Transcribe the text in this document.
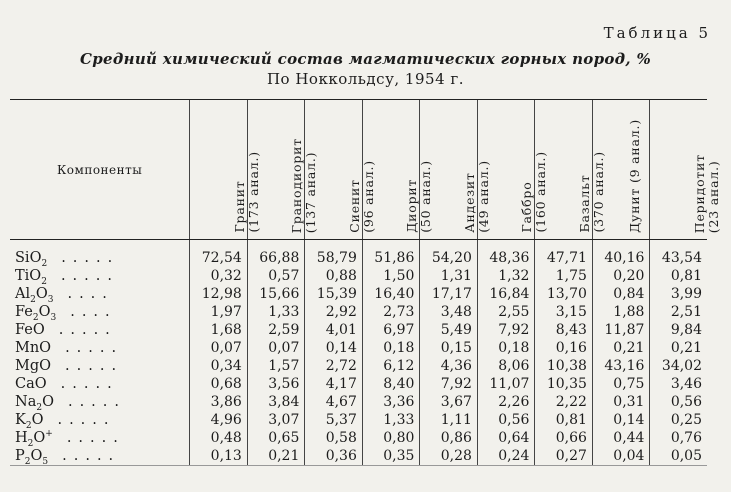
Таблица 5
Средний химический состав магматических горных пород, %
По Ноккольдсу, 1954 г.
Компоненты	Гранит (173 анал.)	Гранодиорит (137 анал.)	Сиенит (96 анал.)	Диорит (50 анал.)	Андезит (49 анал.)	Габбро (160 анал.)	Базальт (370 анал.)	Дунит (9 анал.)	Перидотит (23 анал.)

SiO$_2$ .....	72,54	66,88	58,79	51,86	54,20	48,36	47,71	40,16	43,54
TiO$_2$ .....	0,32	0,57	0,88	1,50	1,31	1,32	1,75	0,20	0,81
$Al_2O_3$ ....	12,98	15,66	15,39	16,40	17,17	16,84	13,70	0,84	3,99
$Fe_2O_3$ ....	1,97	1,33	2,92	2,73	3,48	2,55	3,15	1,88	2,51
FeO .....	1,68	2,59	4,01	6,97	5,49	7,92	8,43	11,87	9,84
MnO .....	0,07	0,07	0,14	0,18	0,15	0,18	0,16	0,21	0,21
MgO .....	0,34	1,57	2,72	6,12	4,36	8,06	10,38	43,16	34,02
CaO .....	0,68	3,56	4,17	8,40	7,92	11,07	10,35	0,75	3,46
$Na_2O$ .....	3,86	3,84	4,67	3,36	3,67	2,26	2,22	0,31	0,56
$K_2O$ .....	4,96	3,07	5,37	1,33	1,11	0,56	0,81	0,14	0,25
$H_2O^+$ .....	0,48	0,65	0,58	0,80	0,86	0,64	0,66	0,44	0,76
$P_2O_5$ .....	0,13	0,21	0,36	0,35	0,28	0,24	0,27	0,04	0,05
